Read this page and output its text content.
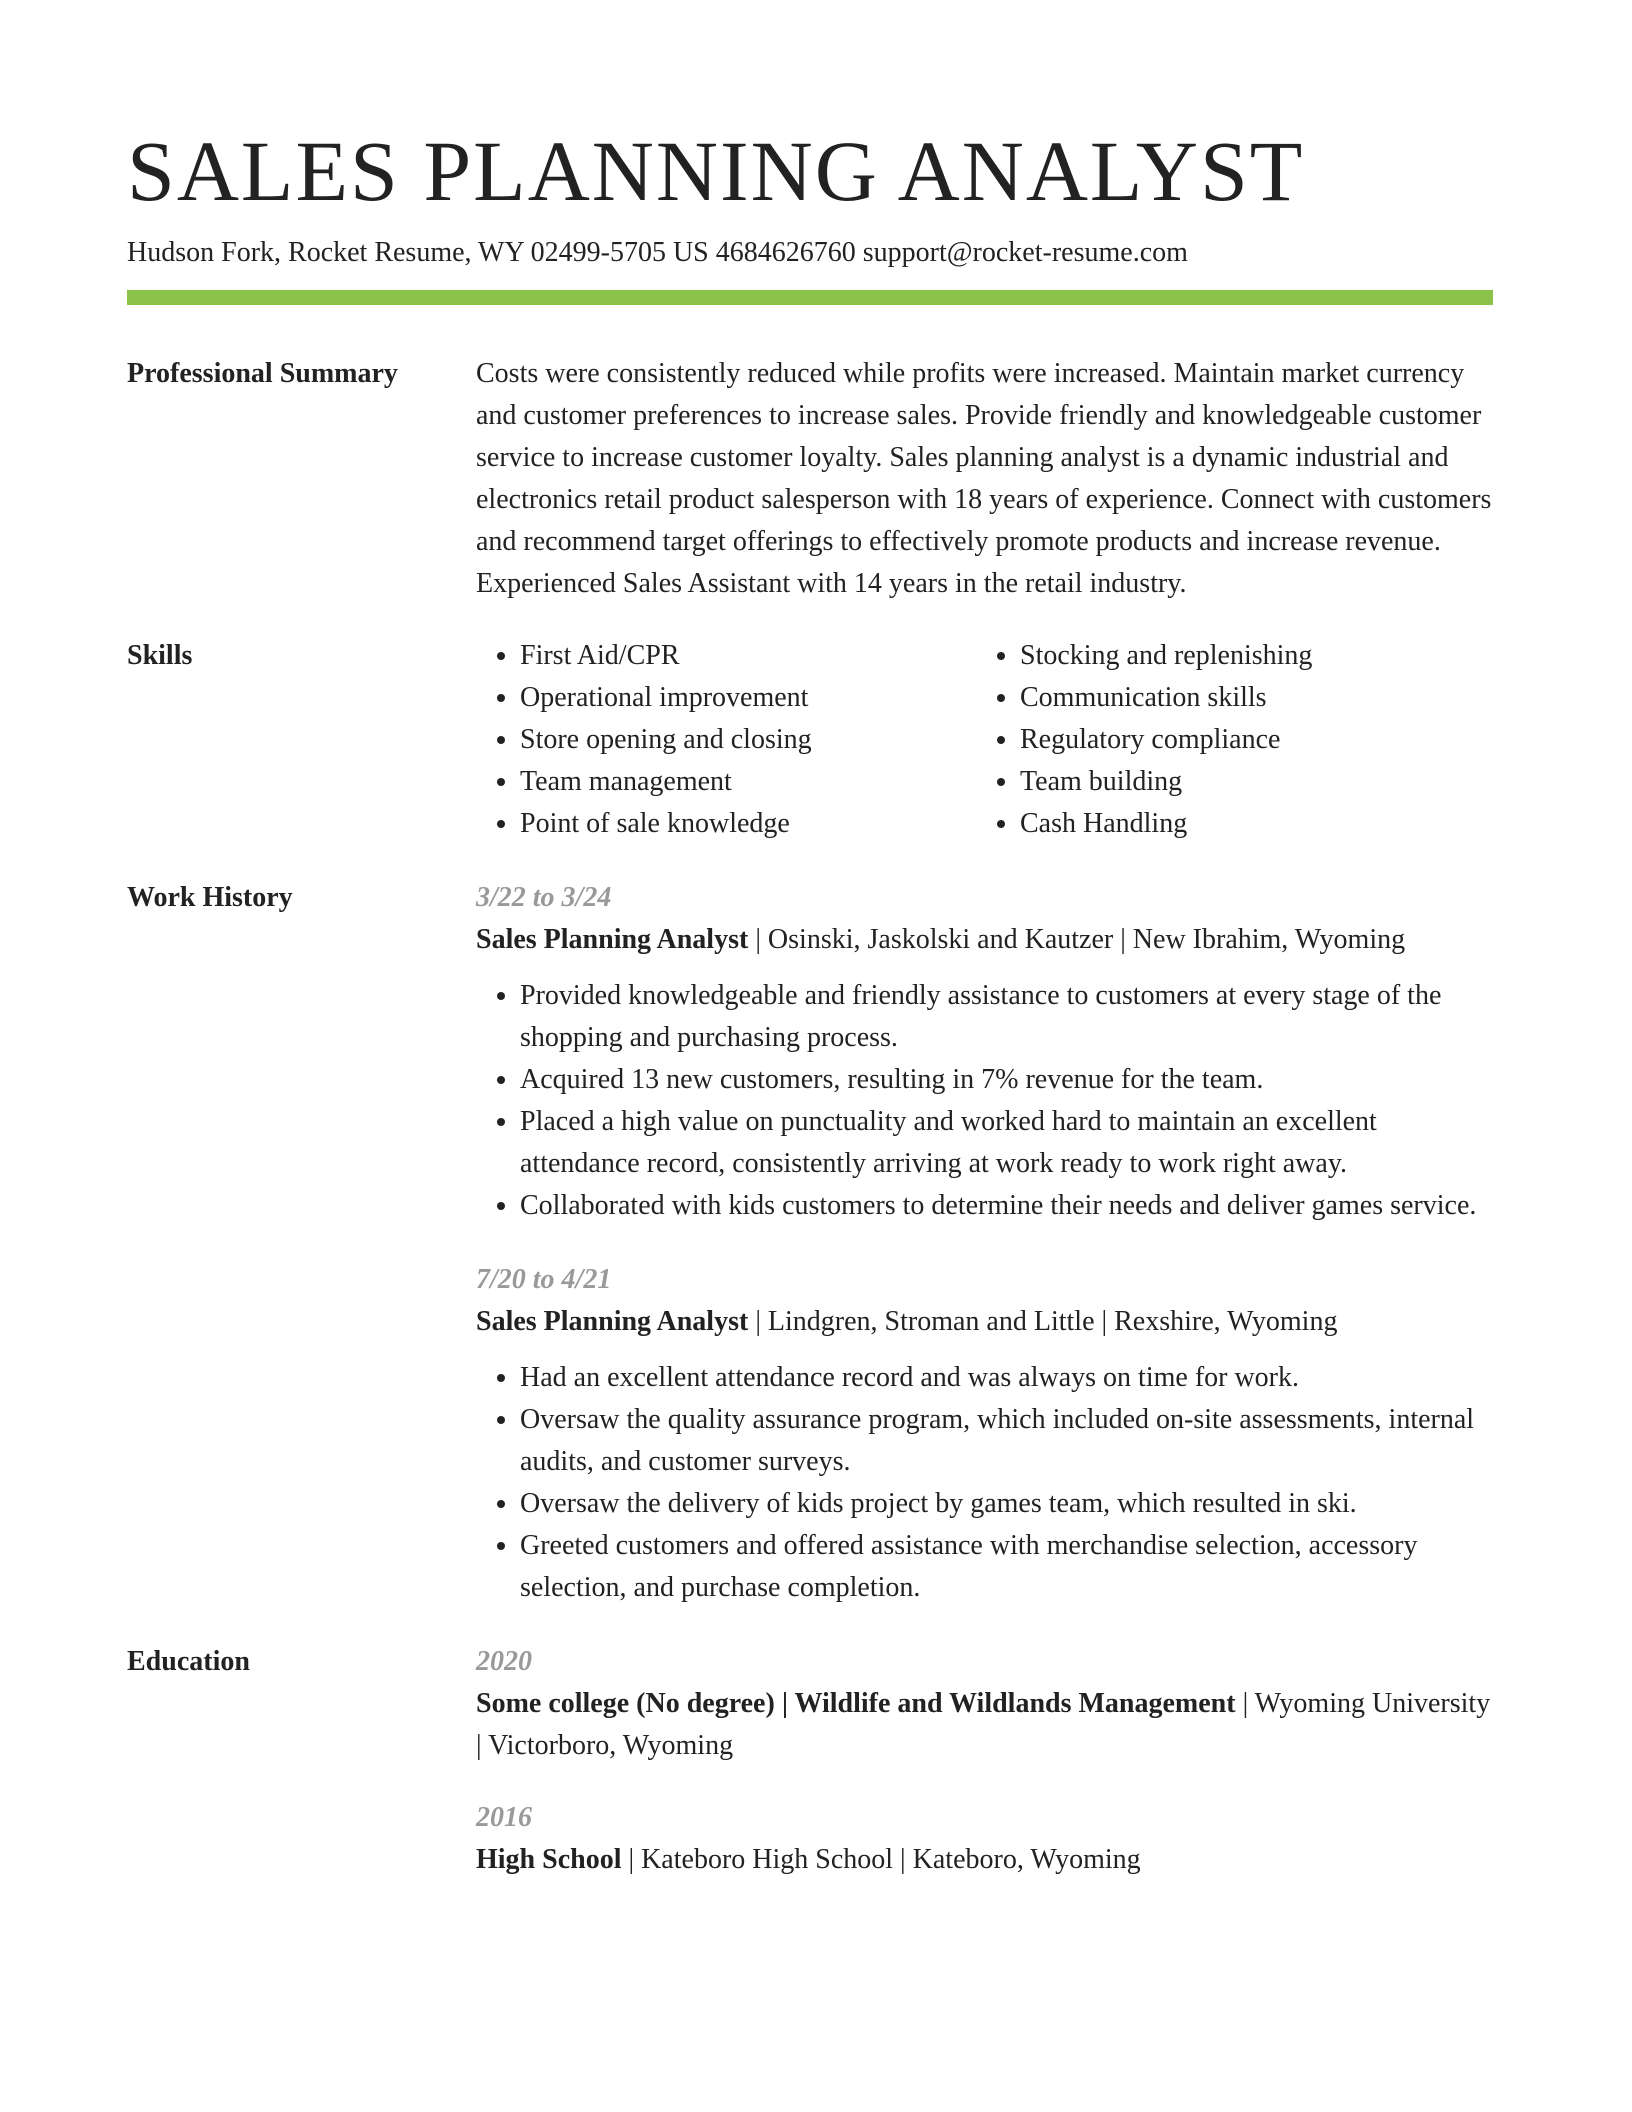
SALES PLANNING ANALYST
Hudson Fork, Rocket Resume, WY 02499-5705 US 4684626760 support@rocket-resume.com
Professional Summary	Costs were consistently reduced while profits were increased. Maintain market currency and customer preferences to increase sales. Provide friendly and knowledgeable customer service to increase customer loyalty. Sales planning analyst is a dynamic industrial and electronics retail product salesperson with 18 years of experience. Connect with customers and recommend target offerings to effectively promote products and increase revenue. Experienced Sales Assistant with 14 years in the retail industry.
Skills
•	First Aid/CPR
• Operational improvement
• Store opening and closing
• Team management
• Point of sale knowledge
• Stocking and replenishing
• Communication skills
• Regulatory compliance
• Team building
• Cash Handling
Work History	3/22 to 3/24
Sales Planning Analyst | Osinski, Jaskolski and Kautzer | New Ibrahim, Wyoming
• Provided knowledgeable and friendly assistance to customers at every stage of the shopping and purchasing process.
• Acquired 13 new customers, resulting in 7% revenue for the team.
• Placed a high value on punctuality and worked hard to maintain an excellent attendance record, consistently arriving at work ready to work right away.
• Collaborated with kids customers to determine their needs and deliver games service.
7/20 to 4/21
Sales Planning Analyst | Lindgren, Stroman and Little | Rexshire, Wyoming
• Had an excellent attendance record and was always on time for work.
• Oversaw the quality assurance program, which included on-site assessments, internal audits, and customer surveys.
• Oversaw the delivery of kids project by games team, which resulted in ski.
• Greeted customers and offered assistance with merchandise selection, accessory selection, and purchase completion.
Education	2020
Some college (No degree) | Wildlife and Wildlands Management | Wyoming University | Victorboro, Wyoming
2016
High School | Kateboro High School | Kateboro, Wyoming
